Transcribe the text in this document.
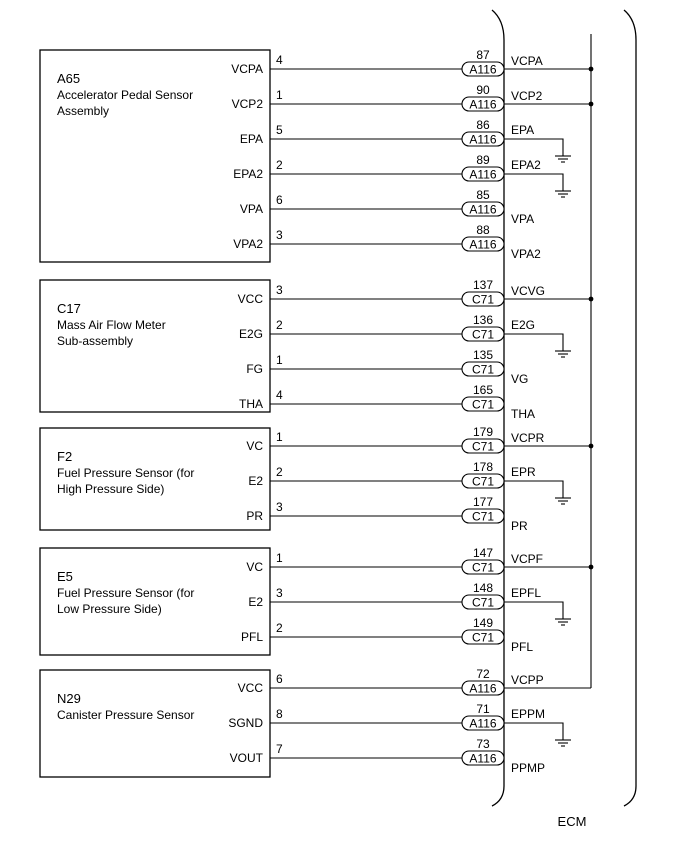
ECM
A65
Accelerator Pedal Sensor
Assembly
VCPA
4	87
A116
VCPA
VCP2
1	90
A116
VCP2
EPA
5	86
A116
EPA
EPA2
2	89
A116
EPA2
VPA
6	85
A116
VPA
VPA2
3	88
A116
VPA2
C17
Mass Air Flow Meter
Sub-assembly
VCC
3	137
C71
VCVG
E2G
2	136
C71
E2G
FG
1	135
C71
VG
THA
4	165
C71
THA
F2
Fuel Pressure Sensor (for
High Pressure Side)
VC
1	179
C71
VCPR
E2
2	178
C71
EPR
PR
3	177
C71
PR
E5
Fuel Pressure Sensor (for
Low Pressure Side)
VC
1	147
C71
VCPF
E2
3	148
C71
EPFL
PFL
2	149
C71
PFL
N29
Canister Pressure Sensor
VCC
6	72
A116
VCPP
SGND
8	71
A116
EPPM
VOUT
7	73
A116
PPMP
